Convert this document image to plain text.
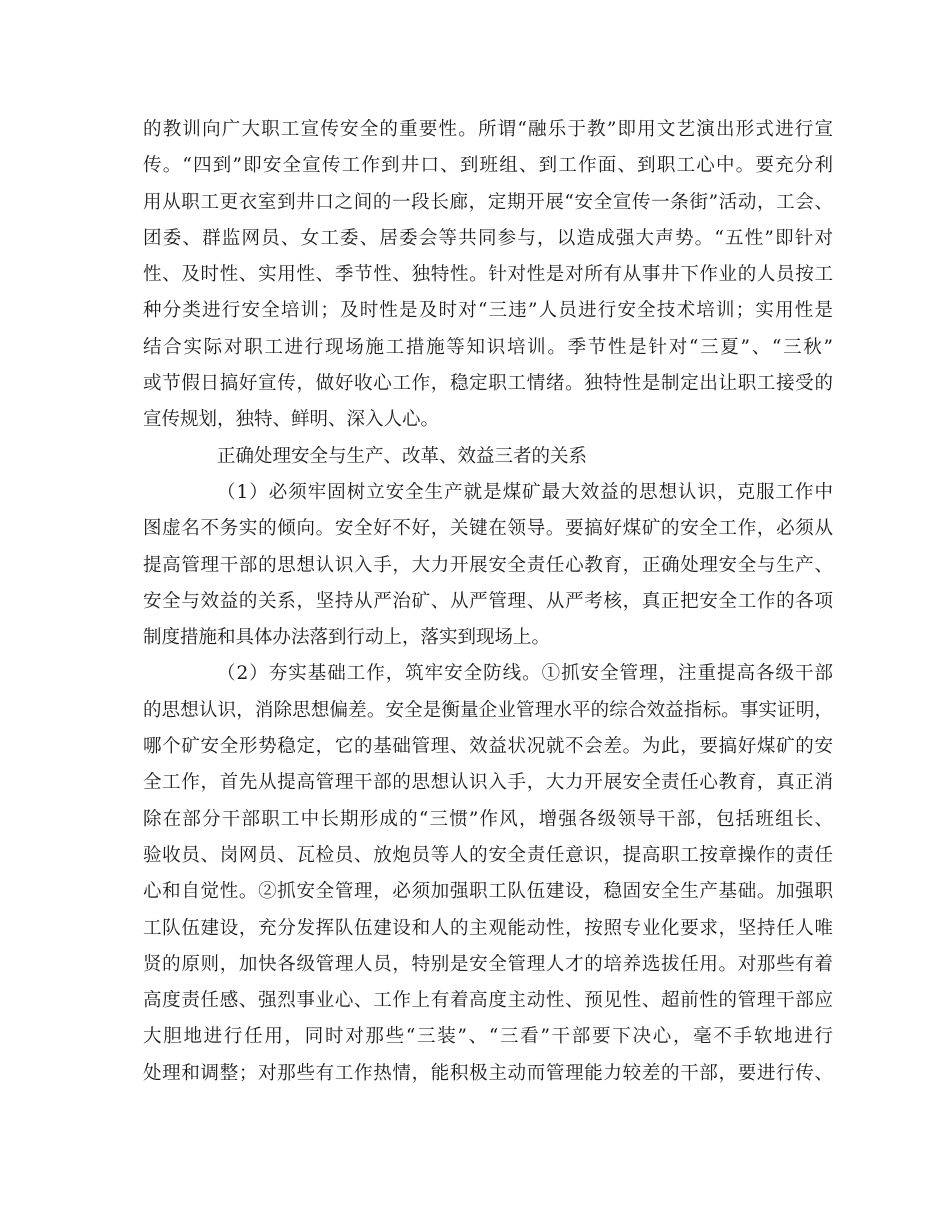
的教训向广大职工宣传安全的重要性。所谓“融乐于教”即用文艺演出形式进行宣
传。“四到”即安全宣传工作到井口、到班组、到工作面、到职工心中。要充分利
用从职工更衣室到井口之间的一段长廊，定期开展“安全宣传一条街”活动，工会、
团委、群监网员、女工委、居委会等共同参与，以造成强大声势。“五性”即针对
性、及时性、实用性、季节性、独特性。针对性是对所有从事井下作业的人员按工
种分类进行安全培训；及时性是及时对“三违”人员进行安全技术培训；实用性是
结合实际对职工进行现场施工措施等知识培训。季节性是针对“三夏”、“三秋”
或节假日搞好宣传，做好收心工作，稳定职工情绪。独特性是制定出让职工接受的
宣传规划，独特、鲜明、深入人心。
正确处理安全与生产、改革、效益三者的关系
（1）必须牢固树立安全生产就是煤矿最大效益的思想认识，克服工作中
图虚名不务实的倾向。安全好不好，关键在领导。要搞好煤矿的安全工作，必须从
提高管理干部的思想认识入手，大力开展安全责任心教育，正确处理安全与生产、
安全与效益的关系，坚持从严治矿、从严管理、从严考核，真正把安全工作的各项
制度措施和具体办法落到行动上，落实到现场上。
（2）夯实基础工作，筑牢安全防线。①抓安全管理，注重提高各级干部
的思想认识，消除思想偏差。安全是衡量企业管理水平的综合效益指标。事实证明，
哪个矿安全形势稳定，它的基础管理、效益状况就不会差。为此，要搞好煤矿的安
全工作，首先从提高管理干部的思想认识入手，大力开展安全责任心教育，真正消
除在部分干部职工中长期形成的“三惯”作风，增强各级领导干部，包括班组长、
验收员、岗网员、瓦检员、放炮员等人的安全责任意识，提高职工按章操作的责任
心和自觉性。②抓安全管理，必须加强职工队伍建设，稳固安全生产基础。加强职
工队伍建设，充分发挥队伍建设和人的主观能动性，按照专业化要求，坚持任人唯
贤的原则，加快各级管理人员，特别是安全管理人才的培养选拔任用。对那些有着
高度责任感、强烈事业心、工作上有着高度主动性、预见性、超前性的管理干部应
大胆地进行任用，同时对那些“三装”、“三看”干部要下决心，毫不手软地进行
处理和调整；对那些有工作热情，能积极主动而管理能力较差的干部，要进行传、
